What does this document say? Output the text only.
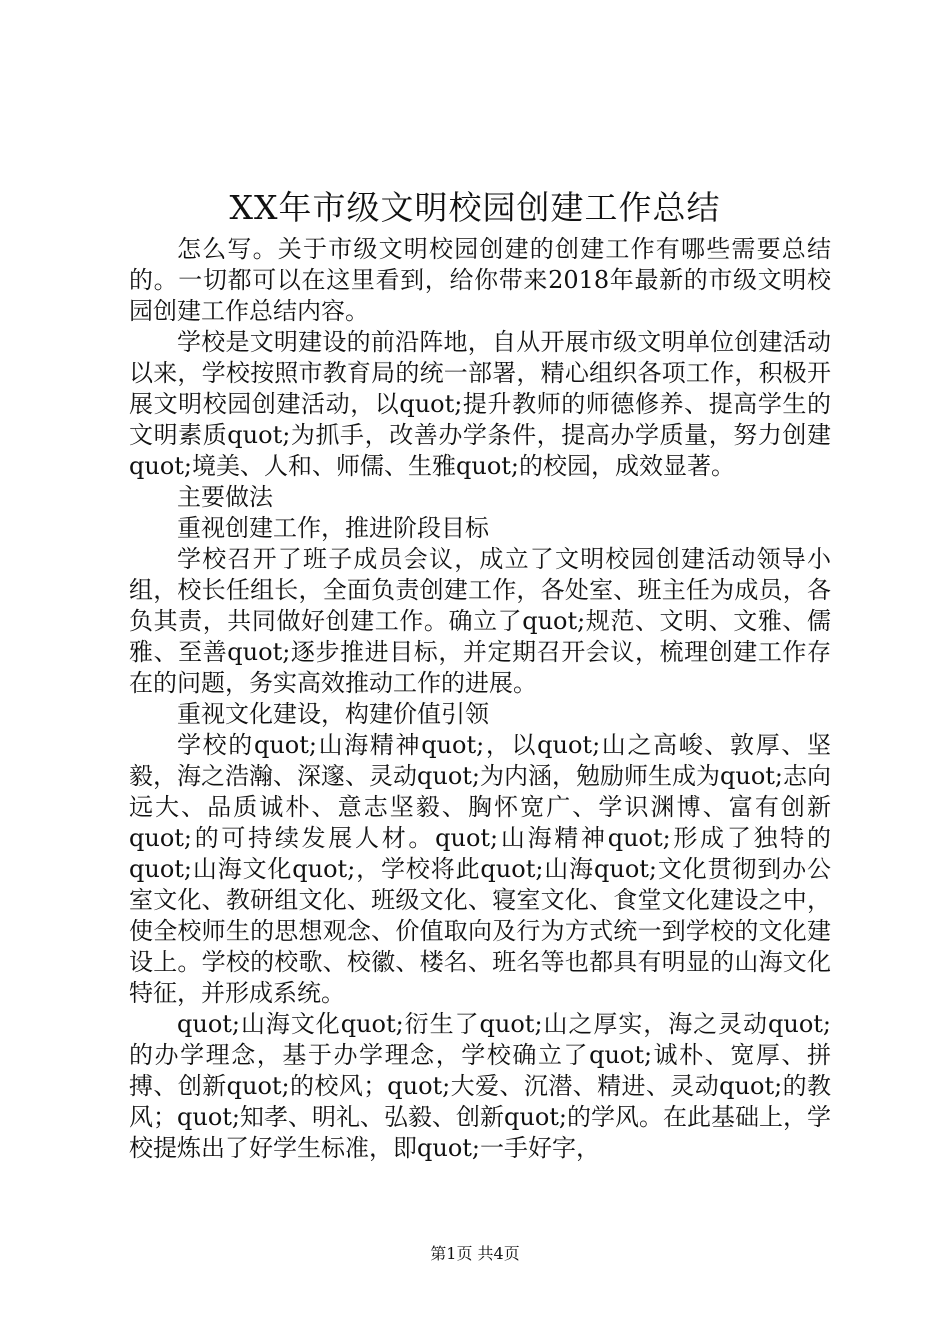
XX年市级文明校园创建工作总结

怎么写。关于市级文明校园创建的创建工作有哪些需要总结的。一切都可以在这里看到，给你带来2018年最新的市级文明校园创建工作总结内容。

学校是文明建设的前沿阵地，自从开展市级文明单位创建活动以来，学校按照市教育局的统一部署，精心组织各项工作，积极开展文明校园创建活动，以quot;提升教师的师德修养、提高学生的文明素质quot;为抓手，改善办学条件，提高办学质量，努力创建quot;境美、人和、师儒、生雅quot;的校园，成效显著。

主要做法

重视创建工作，推进阶段目标

学校召开了班子成员会议，成立了文明校园创建活动领导小组，校长任组长，全面负责创建工作，各处室、班主任为成员，各负其责，共同做好创建工作。确立了quot;规范、文明、文雅、儒雅、至善quot;逐步推进目标，并定期召开会议，梳理创建工作存在的问题，务实高效推动工作的进展。

重视文化建设，构建价值引领

学校的quot;山海精神quot;，以quot;山之高峻、敦厚、坚毅，海之浩瀚、深邃、灵动quot;为内涵，勉励师生成为quot;志向远大、品质诚朴、意志坚毅、胸怀宽广、学识渊博、富有创新quot;的可持续发展人材。quot;山海精神quot;形成了独特的quot;山海文化quot;，学校将此quot;山海quot;文化贯彻到办公室文化、教研组文化、班级文化、寝室文化、食堂文化建设之中，使全校师生的思想观念、价值取向及行为方式统一到学校的文化建设上。学校的校歌、校徽、楼名、班名等也都具有明显的山海文化特征，并形成系统。

quot;山海文化quot;衍生了quot;山之厚实，海之灵动quot;的办学理念，基于办学理念，学校确立了quot;诚朴、宽厚、拼搏、创新quot;的校风；quot;大爱、沉潜、精进、灵动quot;的教风；quot;知孝、明礼、弘毅、创新quot;的学风。在此基础上，学校提炼出了好学生标准，即quot;一手好字，

第1页 共4页
